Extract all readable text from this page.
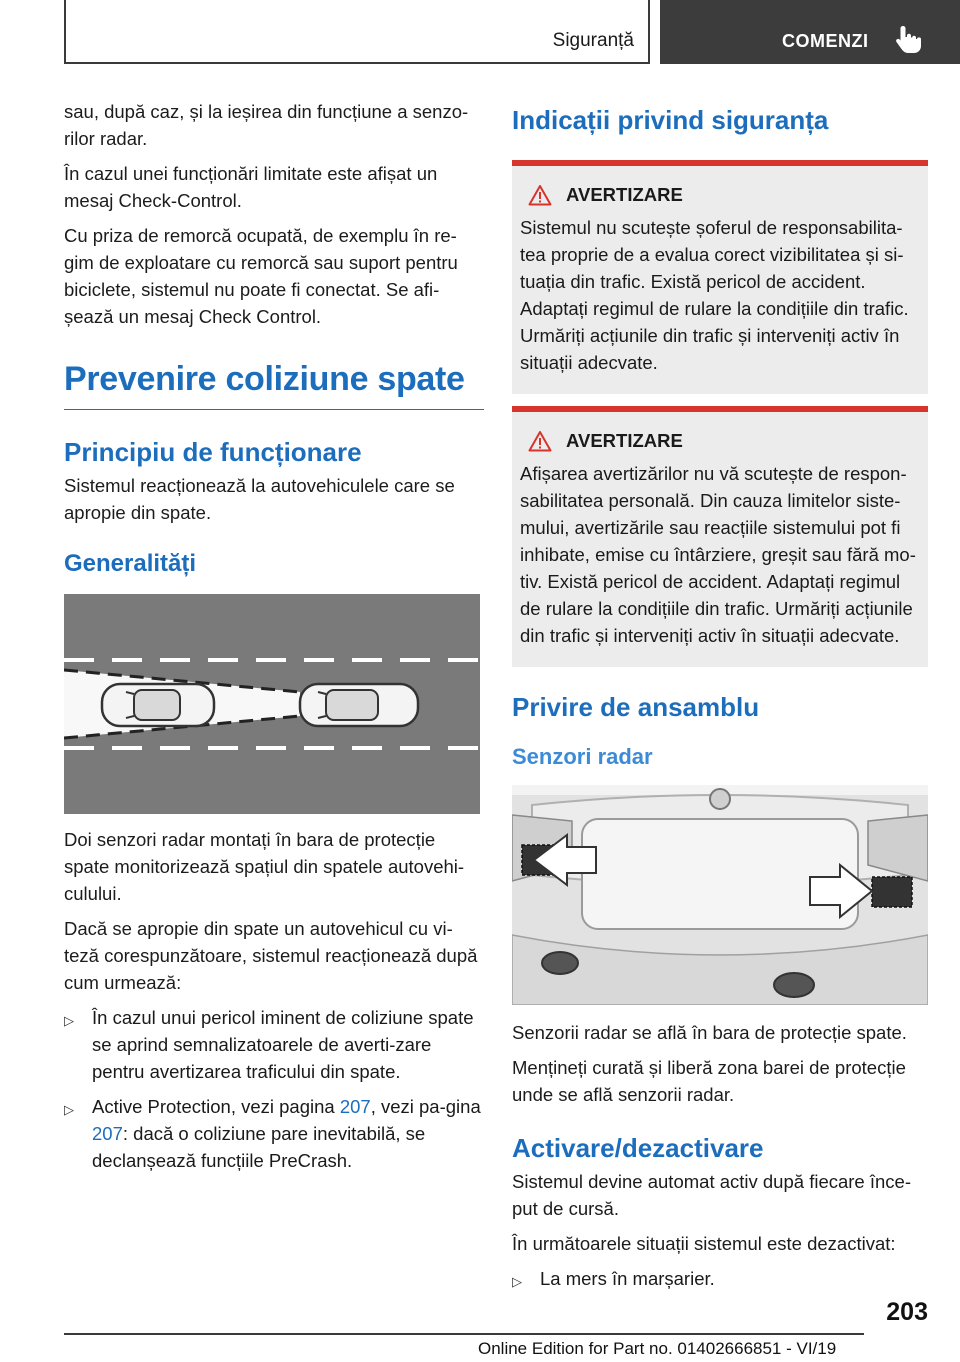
Siguranță	COMENZI

sau, după caz, și la ieșirea din funcțiune a senzo-rilor radar.

În cazul unei funcționări limitate este afișat un mesaj Check-Control.

Cu priza de remorcă ocupată, de exemplu în re-gim de exploatare cu remorcă sau suport pentru biciclete, sistemul nu poate fi conectat. Se afi-șează un mesaj Check Control.

Prevenire coliziune spate
Principiu de funcționare

Sistemul reacționează la autovehiculele care se apropie din spate.

Generalități

Doi senzori radar montați în bara de protecție spate monitorizează spațiul din spatele autovehi-culului.

Dacă se apropie din spate un autovehicul cu vi-teză corespunzătoare, sistemul reacționează după cum urmează:

▷ În cazul unui pericol iminent de coliziune spate se aprind semnalizatoarele de averti-zare pentru avertizarea traficului din spate.
▷ Active Protection, vezi pagina 207, vezi pa-gina 207: dacă o coliziune pare inevitabilă, se declanșează funcțiile PreCrash.
Indicații privind siguranța
AVERTIZARE

Sistemul nu scutește șoferul de responsabilita-tea proprie de a evalua corect vizibilitatea și si-tuația din trafic. Există pericol de accident. Adaptați regimul de rulare la condițiile din trafic. Urmăriți acțiunile din trafic și interveniți activ în situații adecvate.

AVERTIZARE

Afișarea avertizărilor nu vă scutește de respon-sabilitatea personală. Din cauza limitelor siste-mului, avertizările sau reacțiile sistemului pot fi inhibate, emise cu întârziere, greșit sau fără mo-tiv. Există pericol de accident. Adaptați regimul de rulare la condițiile din trafic. Urmăriți acțiunile din trafic și interveniți activ în situații adecvate.

Privire de ansamblu
Senzori radar

Senzorii radar se află în bara de protecție spate.

Mențineți curată și liberă zona barei de protecție unde se află senzorii radar.

Activare/dezactivare

Sistemul devine automat activ după fiecare înce-put de cursă.

În următoarele situații sistemul este dezactivat:

▷ La mers în marșarier.
203
Online Edition for Part no. 01402666851 - VI/19
